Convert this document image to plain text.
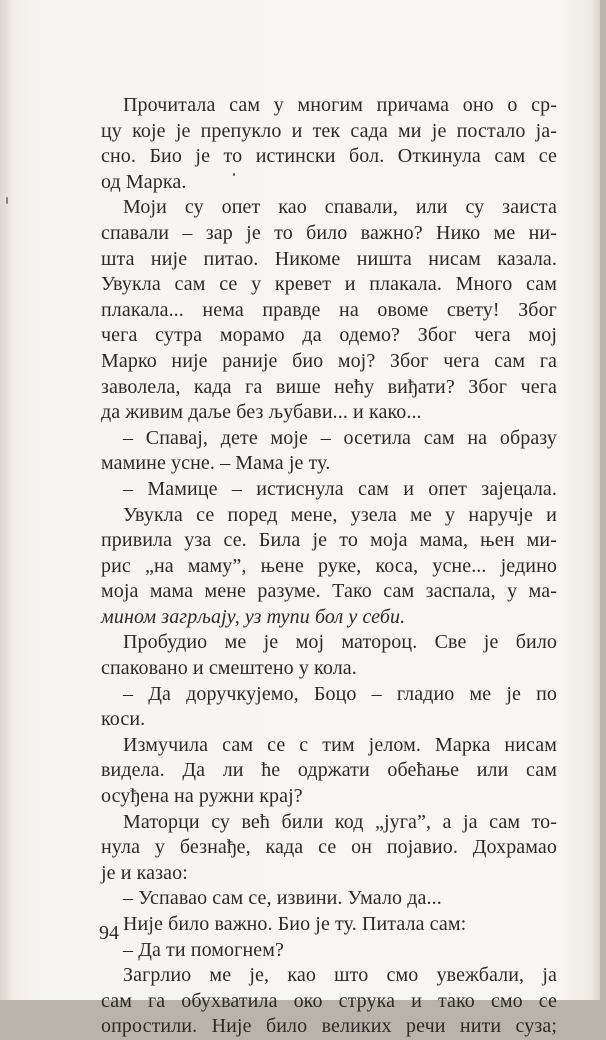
Прочитала сам у многим причама оно о ср-
цу које је препукло и тек сада ми је постало ја-
сно. Био је то истински бол. Откинула сам се
од Марка.
Моји су опет као спавали, или су заиста
спавали – зар је то било важно? Нико ме ни-
шта није питао. Никоме ништа нисам казала.
Увукла сам се у кревет и плакала. Много сам
плакала... нема правде на овоме свету! Због
чега сутра морамо да одемо? Због чега мој
Марко није раније био мој? Због чега сам га
заволела, када га више нећу виђати? Због чега
да живим даље без љубави... и како...
– Спавај, дете моје – осетила сам на образу
мамине усне. – Мама је ту.
– Мамице – истиснула сам и опет зајецала.
Увукла се поред мене, узела ме у наручје и
привила уза се. Била је то моја мама, њен ми-
рис „на маму”, њене руке, коса, усне... једино
моја мама мене разуме. Тако сам заспала, у ма-
мином загрљају, уз тупи бол у себи.
Пробудио ме је мој матороц. Све је било
спаковано и смештено у кола.
– Да доручкујемо, Боцо – гладио ме је по
коси.
Измучила сам се с тим јелом. Марка нисам
видела. Да ли ће одржати обећање или сам
осуђена на ружни крај?
Маторци су већ били код „југа”, а ја сам то-
нула у безнађе, када се он појавио. Дохрамао
је и казао:
– Успавао сам се, извини. Умало да...
Није било важно. Био је ту. Питала сам:
– Да ти помогнем?
Загрлио ме је, као што смо увежбали, ја
сам га обухватила око струка и тако смо се
опростили. Није било великих речи нити суза;
94
